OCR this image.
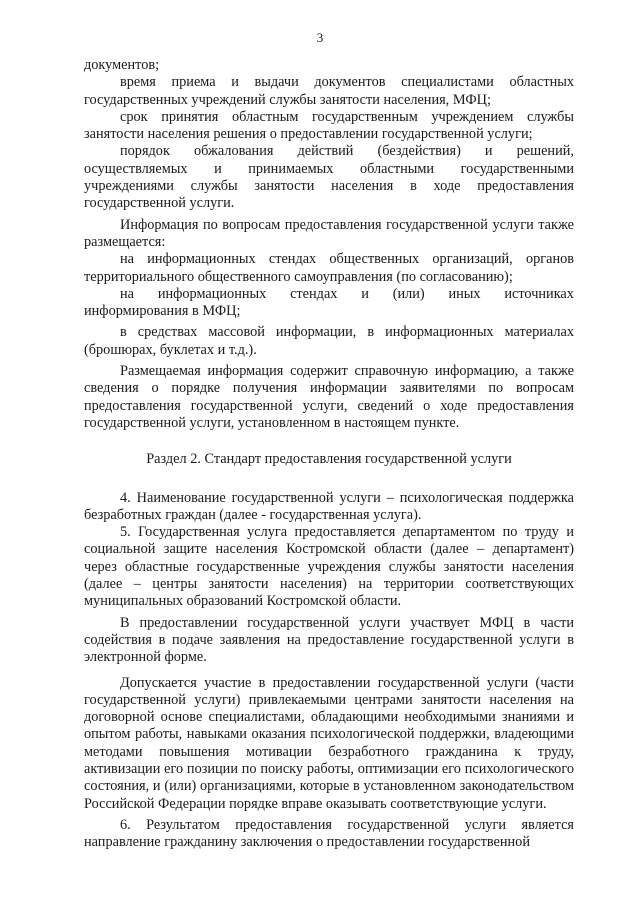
3

документов;

время приема и выдачи документов специалистами областных государственных учреждений службы занятости населения, МФЦ;

срок принятия областным государственным учреждением службы занятости населения решения о предоставлении государственной услуги;

порядок обжалования действий (бездействия) и решений,
осуществляемых и принимаемых областными государственными

учреждениями службы занятости населения в ходе предоставления государственной услуги.

Информация по вопросам предоставления государственной услуги также размещается:

на информационных стендах общественных организаций, органов территориального общественного самоуправления (по согласованию);

на информационных стендах и (или) иных источниках

информирования в МФЦ;

в средствах массовой информации, в информационных материалах (брошюрах, буклетах и т.д.).

Размещаемая информация содержит справочную информацию, а также сведения о порядке получения информации заявителями по вопросам предоставления государственной услуги, сведений о ходе предоставления государственной услуги, установленном в настоящем пункте.

Раздел 2. Стандарт предоставления государственной услуги

4. Наименование государственной услуги – психологическая поддержка безработных граждан (далее - государственная услуга).

5. Государственная услуга предоставляется департаментом по труду и социальной защите населения Костромской области (далее – департамент) через областные государственные учреждения службы занятости населения (далее – центры занятости населения) на территории соответствующих муниципальных образований Костромской области.

В предоставлении государственной услуги участвует МФЦ в части содействия в подаче заявления на предоставление государственной услуги в электронной форме.

Допускается участие в предоставлении государственной услуги (части государственной услуги) привлекаемыми центрами занятости населения на договорной основе специалистами, обладающими необходимыми знаниями и опытом работы, навыками оказания психологической поддержки, владеющими методами повышения мотивации безработного гражданина к труду, активизации его позиции по поиску работы, оптимизации его психологического состояния, и (или) организациями, которые в установленном законодательством Российской Федерации порядке вправе оказывать соответствующие услуги.

6. Результатом предоставления государственной услуги является направление гражданину заключения о предоставлении государственной
